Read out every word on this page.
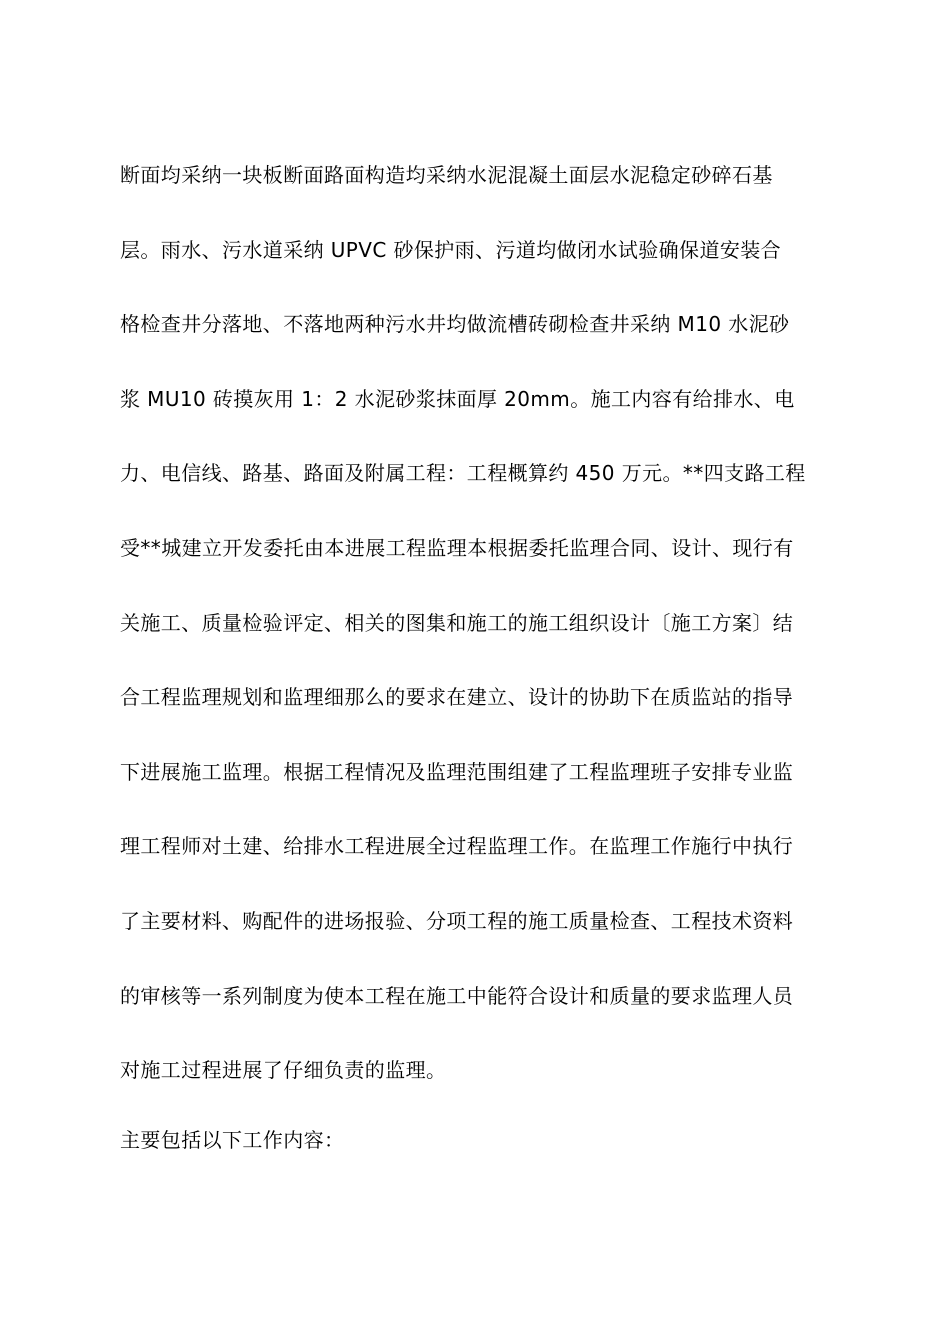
断面均采纳一块板断面路面构造均采纳水泥混凝土面层水泥稳定砂碎石基
层。雨水、污水道采纳 UPVC 砂保护雨、污道均做闭水试验确保道安装合
格检查井分落地、不落地两种污水井均做流槽砖砌检查井采纳 M10 水泥砂
浆 MU10 砖摸灰用 1：2 水泥砂浆抹面厚 20mm。施工内容有给排水、电
力、电信线、路基、路面及附属工程：工程概算约 450 万元。**四支路工程
受**城建立开发委托由本进展工程监理本根据委托监理合同、设计、现行有
关施工、质量检验评定、相关的图集和施工的施工组织设计〔施工方案〕结
合工程监理规划和监理细那么的要求在建立、设计的协助下在质监站的指导
下进展施工监理。根据工程情况及监理范围组建了工程监理班子安排专业监
理工程师对土建、给排水工程进展全过程监理工作。在监理工作施行中执行
了主要材料、购配件的进场报验、分项工程的施工质量检查、工程技术资料
的审核等一系列制度为使本工程在施工中能符合设计和质量的要求监理人员
对施工过程进展了仔细负责的监理。
主要包括以下工作内容：
